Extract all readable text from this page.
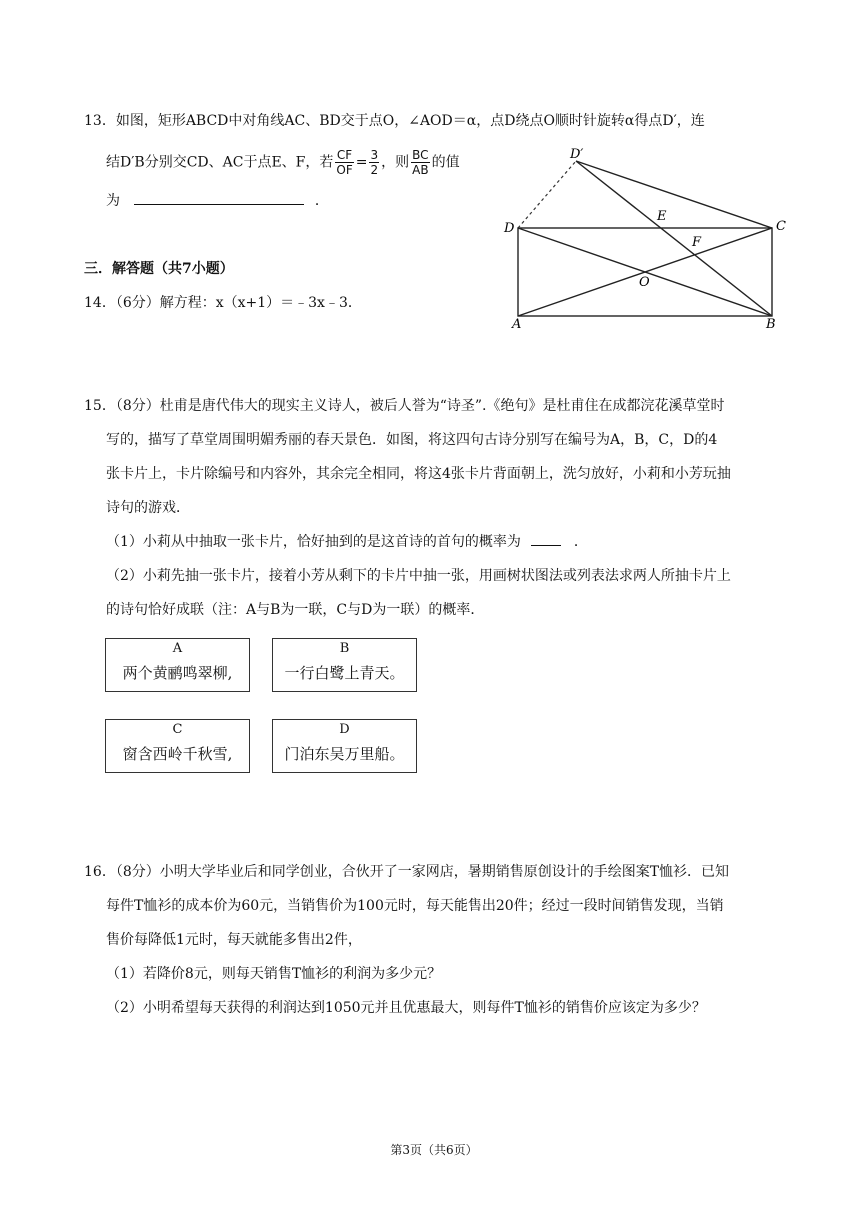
13．如图，矩形ABCD中对角线AC、BD交于点O，∠AOD＝α，点D绕点O顺时针旋转α得点D′，连
结D′B分别交CD、AC于点E、F，若 $\frac{CF}{OF} = \frac{3}{2}$ ，则 $\frac{BC}{AB}$ 的值
为	．
D′
D	C
E
F
O
A	B
三．解答题（共7小题）
14．（6分）解方程：x（x+1）＝﹣3x﹣3．
15．（8分）杜甫是唐代伟大的现实主义诗人，被后人誉为“诗圣”.《绝句》是杜甫住在成都浣花溪草堂时
写的，描写了草堂周围明媚秀丽的春天景色．如图，将这四句古诗分别写在编号为A，B，C，D的4
张卡片上，卡片除编号和内容外，其余完全相同，将这4张卡片背面朝上，洗匀放好，小莉和小芳玩抽
诗句的游戏．
（1）小莉从中抽取一张卡片，恰好抽到的是这首诗的首句的概率为	．
（2）小莉先抽一张卡片，接着小芳从剩下的卡片中抽一张，用画树状图法或列表法求两人所抽卡片上
的诗句恰好成联（注：A与B为一联，C与D为一联）的概率．
A
两个黄鹂鸣翠柳,
B
一行白鹭上青天。
C
窗含西岭千秋雪,
D
门泊东吴万里船。
16．（8分）小明大学毕业后和同学创业，合伙开了一家网店，暑期销售原创设计的手绘图案T恤衫．已知
每件T恤衫的成本价为60元，当销售价为100元时，每天能售出20件；经过一段时间销售发现，当销
售价每降低1元时，每天就能多售出2件，
（1）若降价8元，则每天销售T恤衫的利润为多少元？
（2）小明希望每天获得的利润达到1050元并且优惠最大，则每件T恤衫的销售价应该定为多少？
第3页（共6页）
